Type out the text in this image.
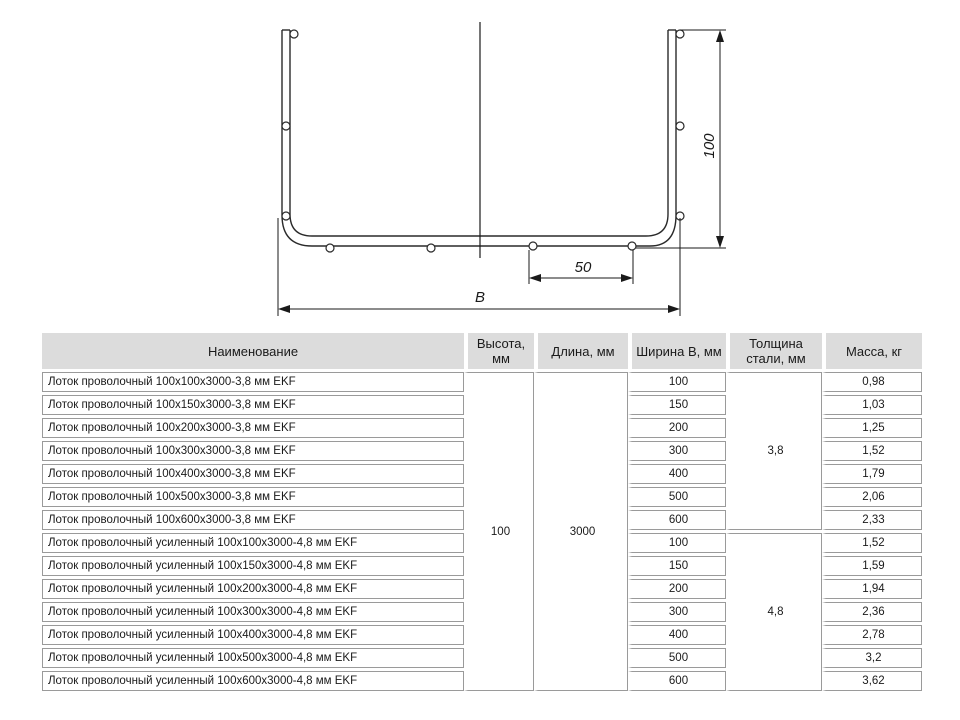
100
50
B
Наименование	Высота, мм	Длина, мм	Ширина В, мм	Толщина стали, мм	Масса, кг
Лоток проволочный 100х100х3000-3,8 мм EKF	100	3000	100	3,8	0,98
Лоток проволочный 100х150х3000-3,8 мм EKF			150		1,03
Лоток проволочный 100х200х3000-3,8 мм EKF			200		1,25
Лоток проволочный 100х300х3000-3,8 мм EKF			300		1,52
Лоток проволочный 100х400х3000-3,8 мм EKF			400		1,79
Лоток проволочный 100х500х3000-3,8 мм EKF			500		2,06
Лоток проволочный 100х600х3000-3,8 мм EKF			600		2,33
Лоток проволочный усиленный 100х100х3000-4,8 мм EKF			100	4,8	1,52
Лоток проволочный усиленный 100х150х3000-4,8 мм EKF			150		1,59
Лоток проволочный усиленный 100х200х3000-4,8 мм EKF			200		1,94
Лоток проволочный усиленный 100х300х3000-4,8 мм EKF			300		2,36
Лоток проволочный усиленный 100х400х3000-4,8 мм EKF			400		2,78
Лоток проволочный усиленный 100х500х3000-4,8 мм EKF			500		3,2
Лоток проволочный усиленный 100х600х3000-4,8 мм EKF			600		3,62
